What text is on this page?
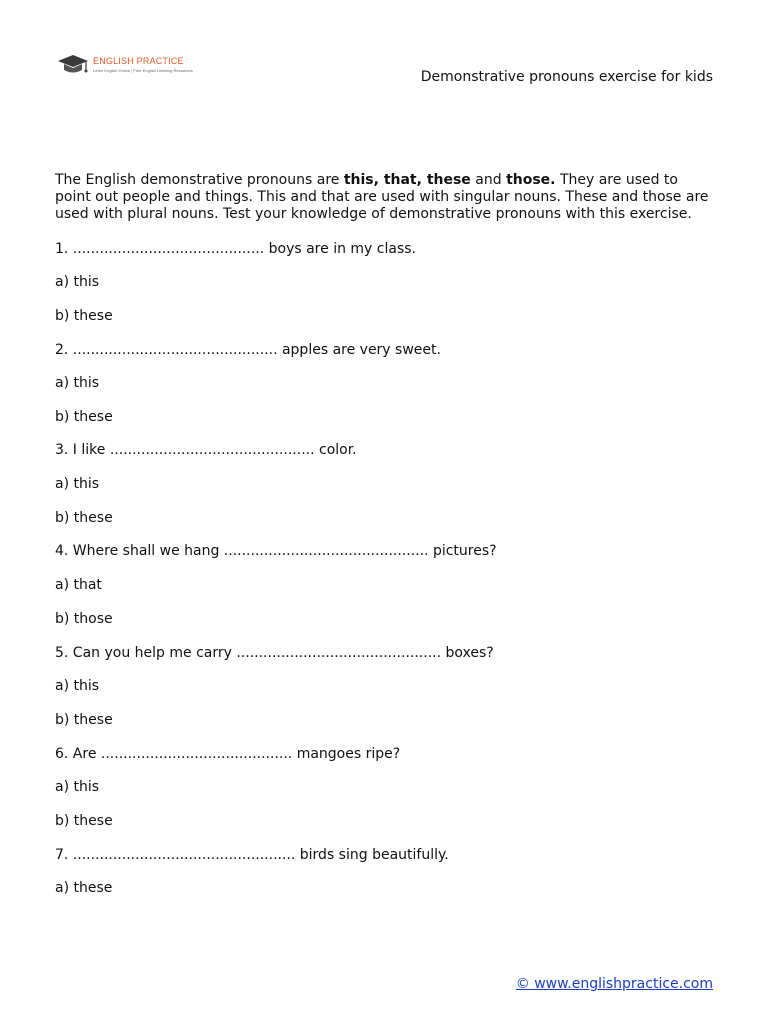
ENGLISH PRACTICE
Learn English Online | Free English Learning Resources	Demonstrative pronouns exercise for kids

The English demonstrative pronouns are this, that, these and those. They are used to point out people and things. This and that are used with singular nouns. These and those are used with plural nouns. Test your knowledge of demonstrative pronouns with this exercise.

1. ........................................... boys are in my class.

a) this

b) these

2. .............................................. apples are very sweet.

a) this

b) these

3. I like .............................................. color.

a) this

b) these

4. Where shall we hang .............................................. pictures?

a) that

b) those

5. Can you help me carry .............................................. boxes?

a) this

b) these

6. Are ........................................... mangoes ripe?

a) this

b) these

7. .................................................. birds sing beautifully.

a) these

© www.englishpractice.com
